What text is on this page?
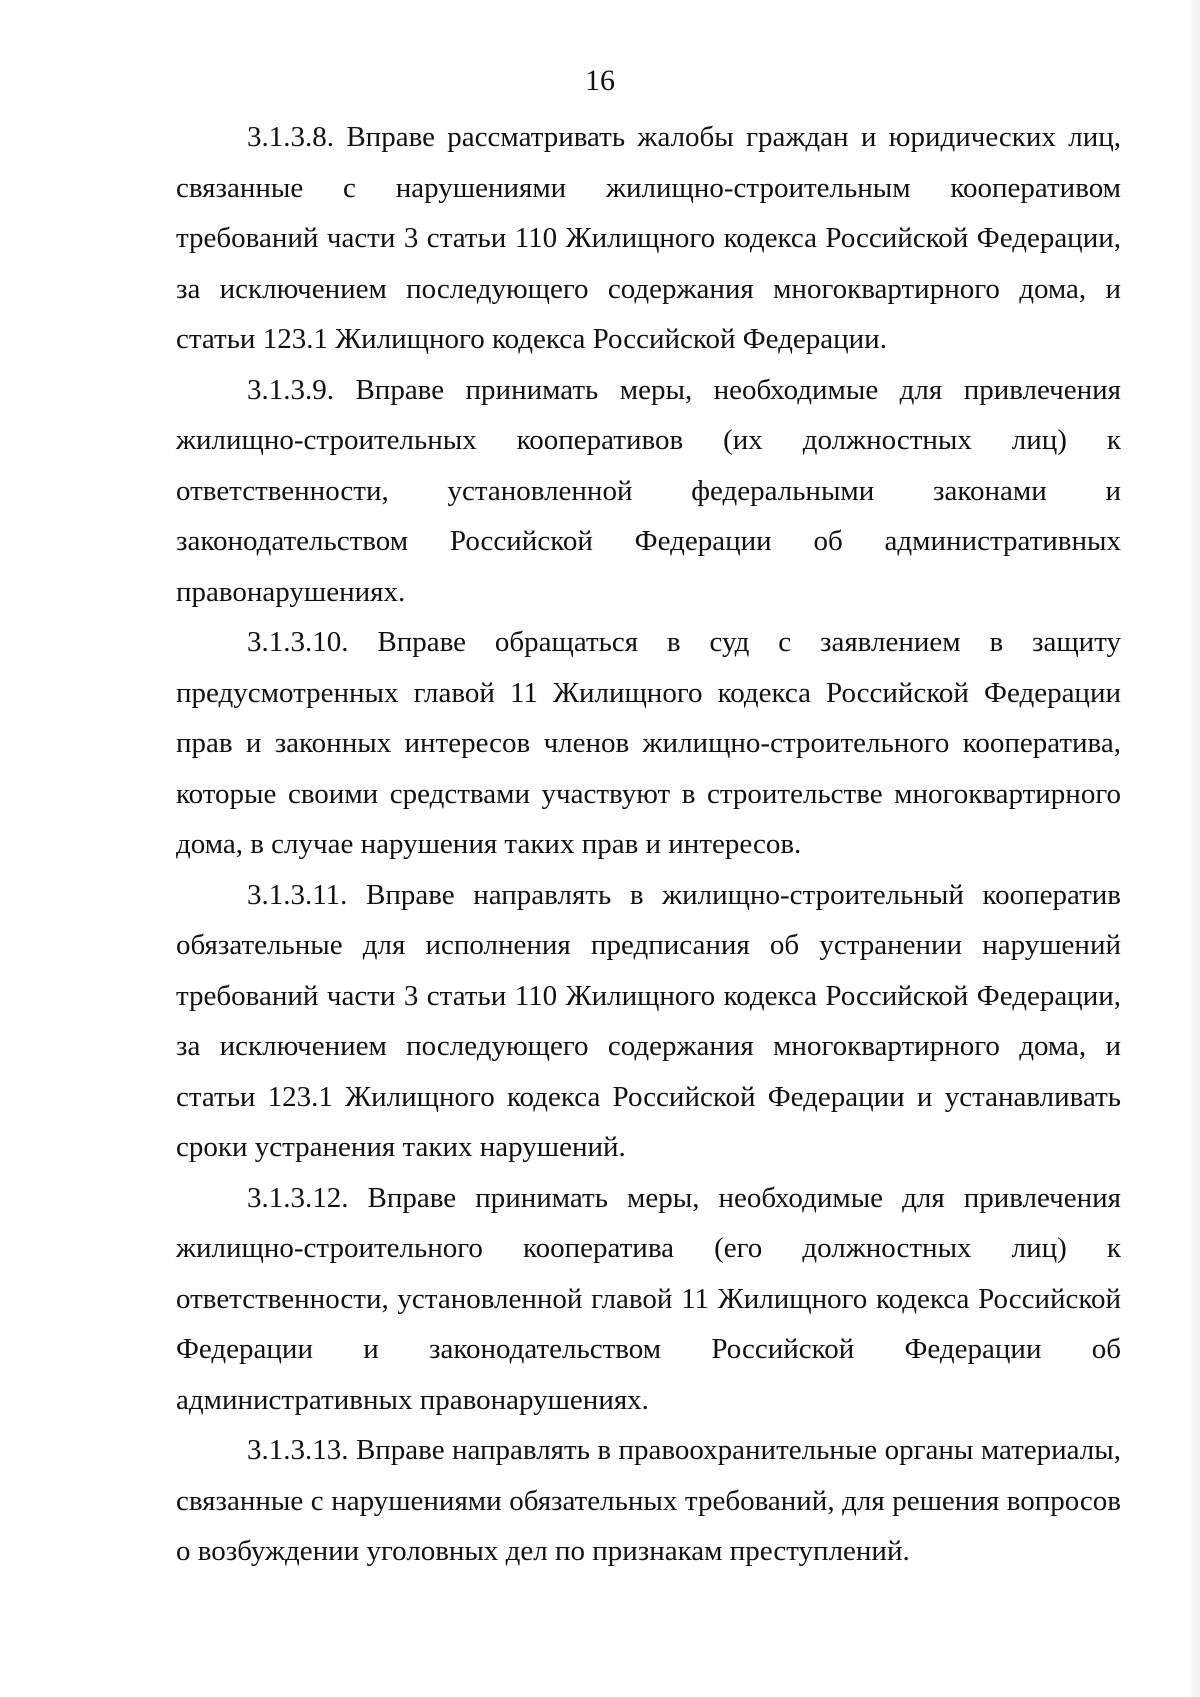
16

3.1.3.8. Вправе рассматривать жалобы граждан и юридических лиц, связанные с нарушениями жилищно-строительным кооперативом требований части 3 статьи 110 Жилищного кодекса Российской Федерации, за исключением последующего содержания многоквартирного дома, и статьи 123.1 Жилищного кодекса Российской Федерации.

3.1.3.9. Вправе принимать меры, необходимые для привлечения жилищно-строительных кооперативов (их должностных лиц) к ответственности, установленной федеральными законами и законодательством Российской Федерации об административных правонарушениях.

3.1.3.10. Вправе обращаться в суд с заявлением в защиту предусмотренных главой 11 Жилищного кодекса Российской Федерации прав и законных интересов членов жилищно-строительного кооператива, которые своими средствами участвуют в строительстве многоквартирного дома, в случае нарушения таких прав и интересов.

3.1.3.11. Вправе направлять в жилищно-строительный кооператив обязательные для исполнения предписания об устранении нарушений требований части 3 статьи 110 Жилищного кодекса Российской Федерации, за исключением последующего содержания многоквартирного дома, и статьи 123.1 Жилищного кодекса Российской Федерации и устанавливать сроки устранения таких нарушений.

3.1.3.12. Вправе принимать меры, необходимые для привлечения жилищно-строительного кооператива (его должностных лиц) к ответственности, установленной главой 11 Жилищного кодекса Российской Федерации и законодательством Российской Федерации об административных правонарушениях.

3.1.3.13. Вправе направлять в правоохранительные органы материалы, связанные с нарушениями обязательных требований, для решения вопросов о возбуждении уголовных дел по признакам преступлений.
